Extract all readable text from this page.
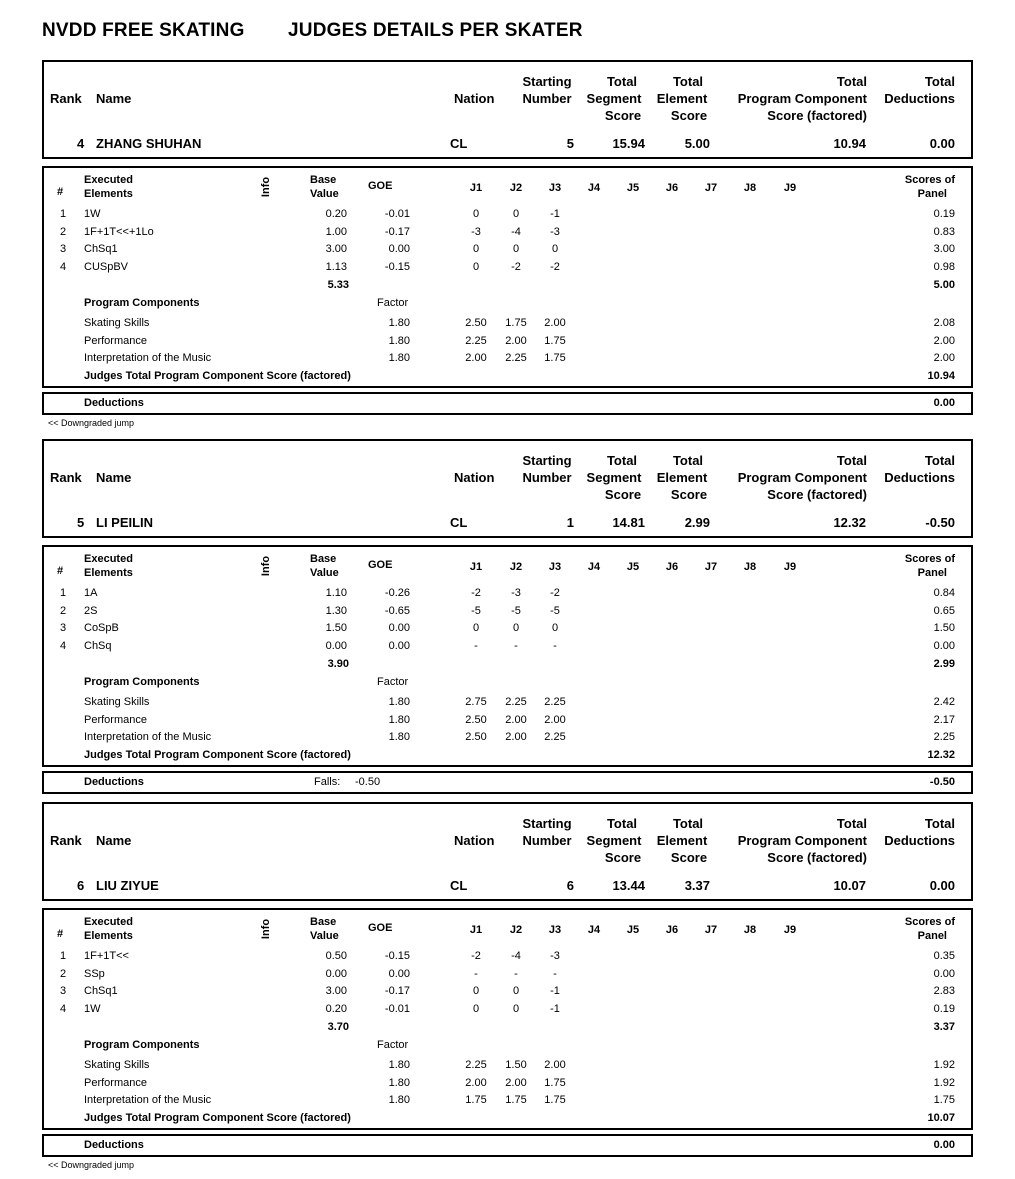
NVDD FREE SKATING JUDGES DETAILS PER SKATER
Rank Name	Nation
Starting
Number
Total
Segment
Score
Total
Element
Score
Total
Program Component
Score (factored)
Total
Deductions
4 ZHANG SHUHAN	CL	5	15.94	5.00	10.94	0.00
#
Executed
Elements	Info	Base
Value
GOE	J1	J2	J3	J4	J5	J6	J7	J8	J9
Scores of
Panel
1 1W	0.20	-0.01	0	0	-1	0.19
2 1F+1T<<+1Lo	1.00	-0.17	-3	-4	-3	0.83
3 ChSq1	3.00	0.00	0	0	0	3.00
4 CUSpBV	1.13	-0.15	0	-2	-2	0.98
5.33	5.00
Program Components	Factor
Skating Skills	1.80	2.50	1.75	2.00	2.08
Performance	1.80	2.25	2.00	1.75	2.00
Interpretation of the Music	1.80	2.00	2.25	1.75	2.00
Judges Total Program Component Score (factored)	10.94
Deductions	0.00
<< Downgraded jump
Rank Name	Nation
Starting
Number
Total
Segment
Score
Total
Element
Score
Total
Program Component
Score (factored)
Total
Deductions
5 LI PEILIN	CL	1	14.81	2.99	12.32	-0.50
#
Executed
Elements	Info	Base
Value
GOE	J1	J2	J3	J4	J5	J6	J7	J8	J9
Scores of
Panel
1 1A	1.10	-0.26	-2	-3	-2	0.84
2 2S	1.30	-0.65	-5	-5	-5	0.65
3 CoSpB	1.50	0.00	0	0	0	1.50
4 ChSq	0.00	0.00	-	-	-	0.00
3.90	2.99
Program Components	Factor
Skating Skills	1.80	2.75	2.25	2.25	2.42
Performance	1.80	2.50	2.00	2.00	2.17
Interpretation of the Music	1.80	2.50	2.00	2.25	2.25
Judges Total Program Component Score (factored)	12.32
Deductions	Falls: -0.50	-0.50
Rank Name	Nation
Starting
Number
Total
Segment
Score
Total
Element
Score
Total
Program Component
Score (factored)
Total
Deductions
6 LIU ZIYUE	CL	6	13.44	3.37	10.07	0.00
#
Executed
Elements	Info	Base
Value
GOE	J1	J2	J3	J4	J5	J6	J7	J8	J9
Scores of
Panel
1 1F+1T<<	0.50	-0.15	-2	-4	-3	0.35
2 SSp	0.00	0.00	-	-	-	0.00
3 ChSq1	3.00	-0.17	0	0	-1	2.83
4 1W	0.20	-0.01	0	0	-1	0.19
3.70	3.37
Program Components	Factor
Skating Skills	1.80	2.25	1.50	2.00	1.92
Performance	1.80	2.00	2.00	1.75	1.92
Interpretation of the Music	1.80	1.75	1.75	1.75	1.75
Judges Total Program Component Score (factored)	10.07
Deductions	0.00
<< Downgraded jump
